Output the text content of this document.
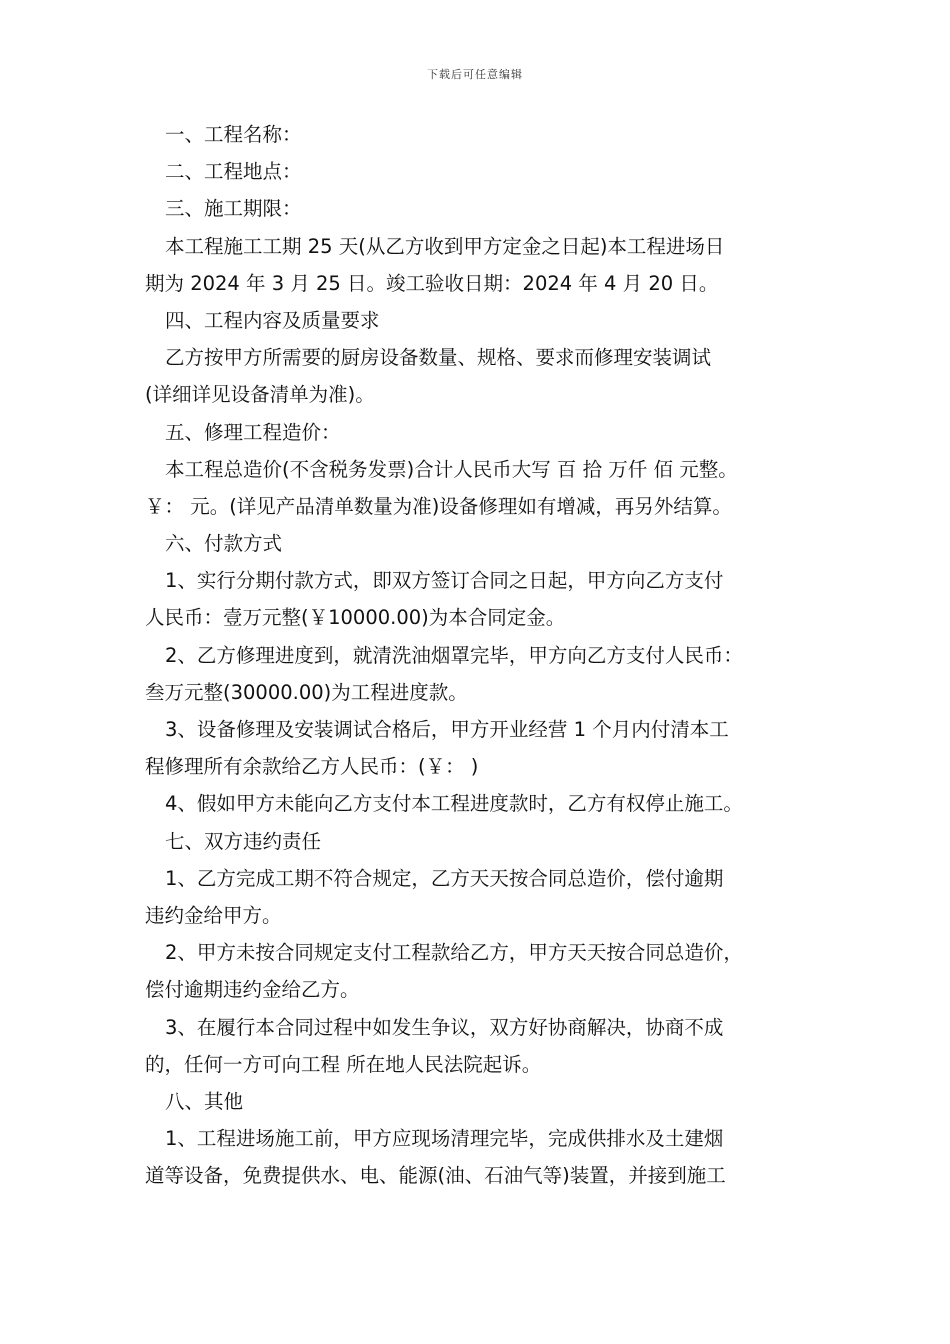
下载后可任意编辑
一、工程名称：
二、工程地点：
三、施工期限：
本工程施工工期 25 天(从乙方收到甲方定金之日起)本工程进场日
期为 2024 年 3 月 25 日。竣工验收日期：2024 年 4 月 20 日。
四、工程内容及质量要求
乙方按甲方所需要的厨房设备数量、规格、要求而修理安装调试
(详细详见设备清单为准)。
五、修理工程造价：
本工程总造价(不含税务发票)合计人民币大写 百 拾 万仟 佰 元整。
￥： 元。(详见产品清单数量为准)设备修理如有增减，再另外结算。
六、付款方式
1、实行分期付款方式，即双方签订合同之日起，甲方向乙方支付
人民币：壹万元整(￥10000.00)为本合同定金。
2、乙方修理进度到，就清洗油烟罩完毕，甲方向乙方支付人民币：
叁万元整(30000.00)为工程进度款。
3、设备修理及安装调试合格后，甲方开业经营 1 个月内付清本工
程修理所有余款给乙方人民币：(￥： )
4、假如甲方未能向乙方支付本工程进度款时，乙方有权停止施工。
七、双方违约责任
1、乙方完成工期不符合规定，乙方天天按合同总造价，偿付逾期
违约金给甲方。
2、甲方未按合同规定支付工程款给乙方，甲方天天按合同总造价，
偿付逾期违约金给乙方。
3、在履行本合同过程中如发生争议，双方好协商解决，协商不成
的，任何一方可向工程 所在地人民法院起诉。
八、其他
1、工程进场施工前，甲方应现场清理完毕，完成供排水及土建烟
道等设备，免费提供水、电、能源(油、石油气等)装置，并接到施工
